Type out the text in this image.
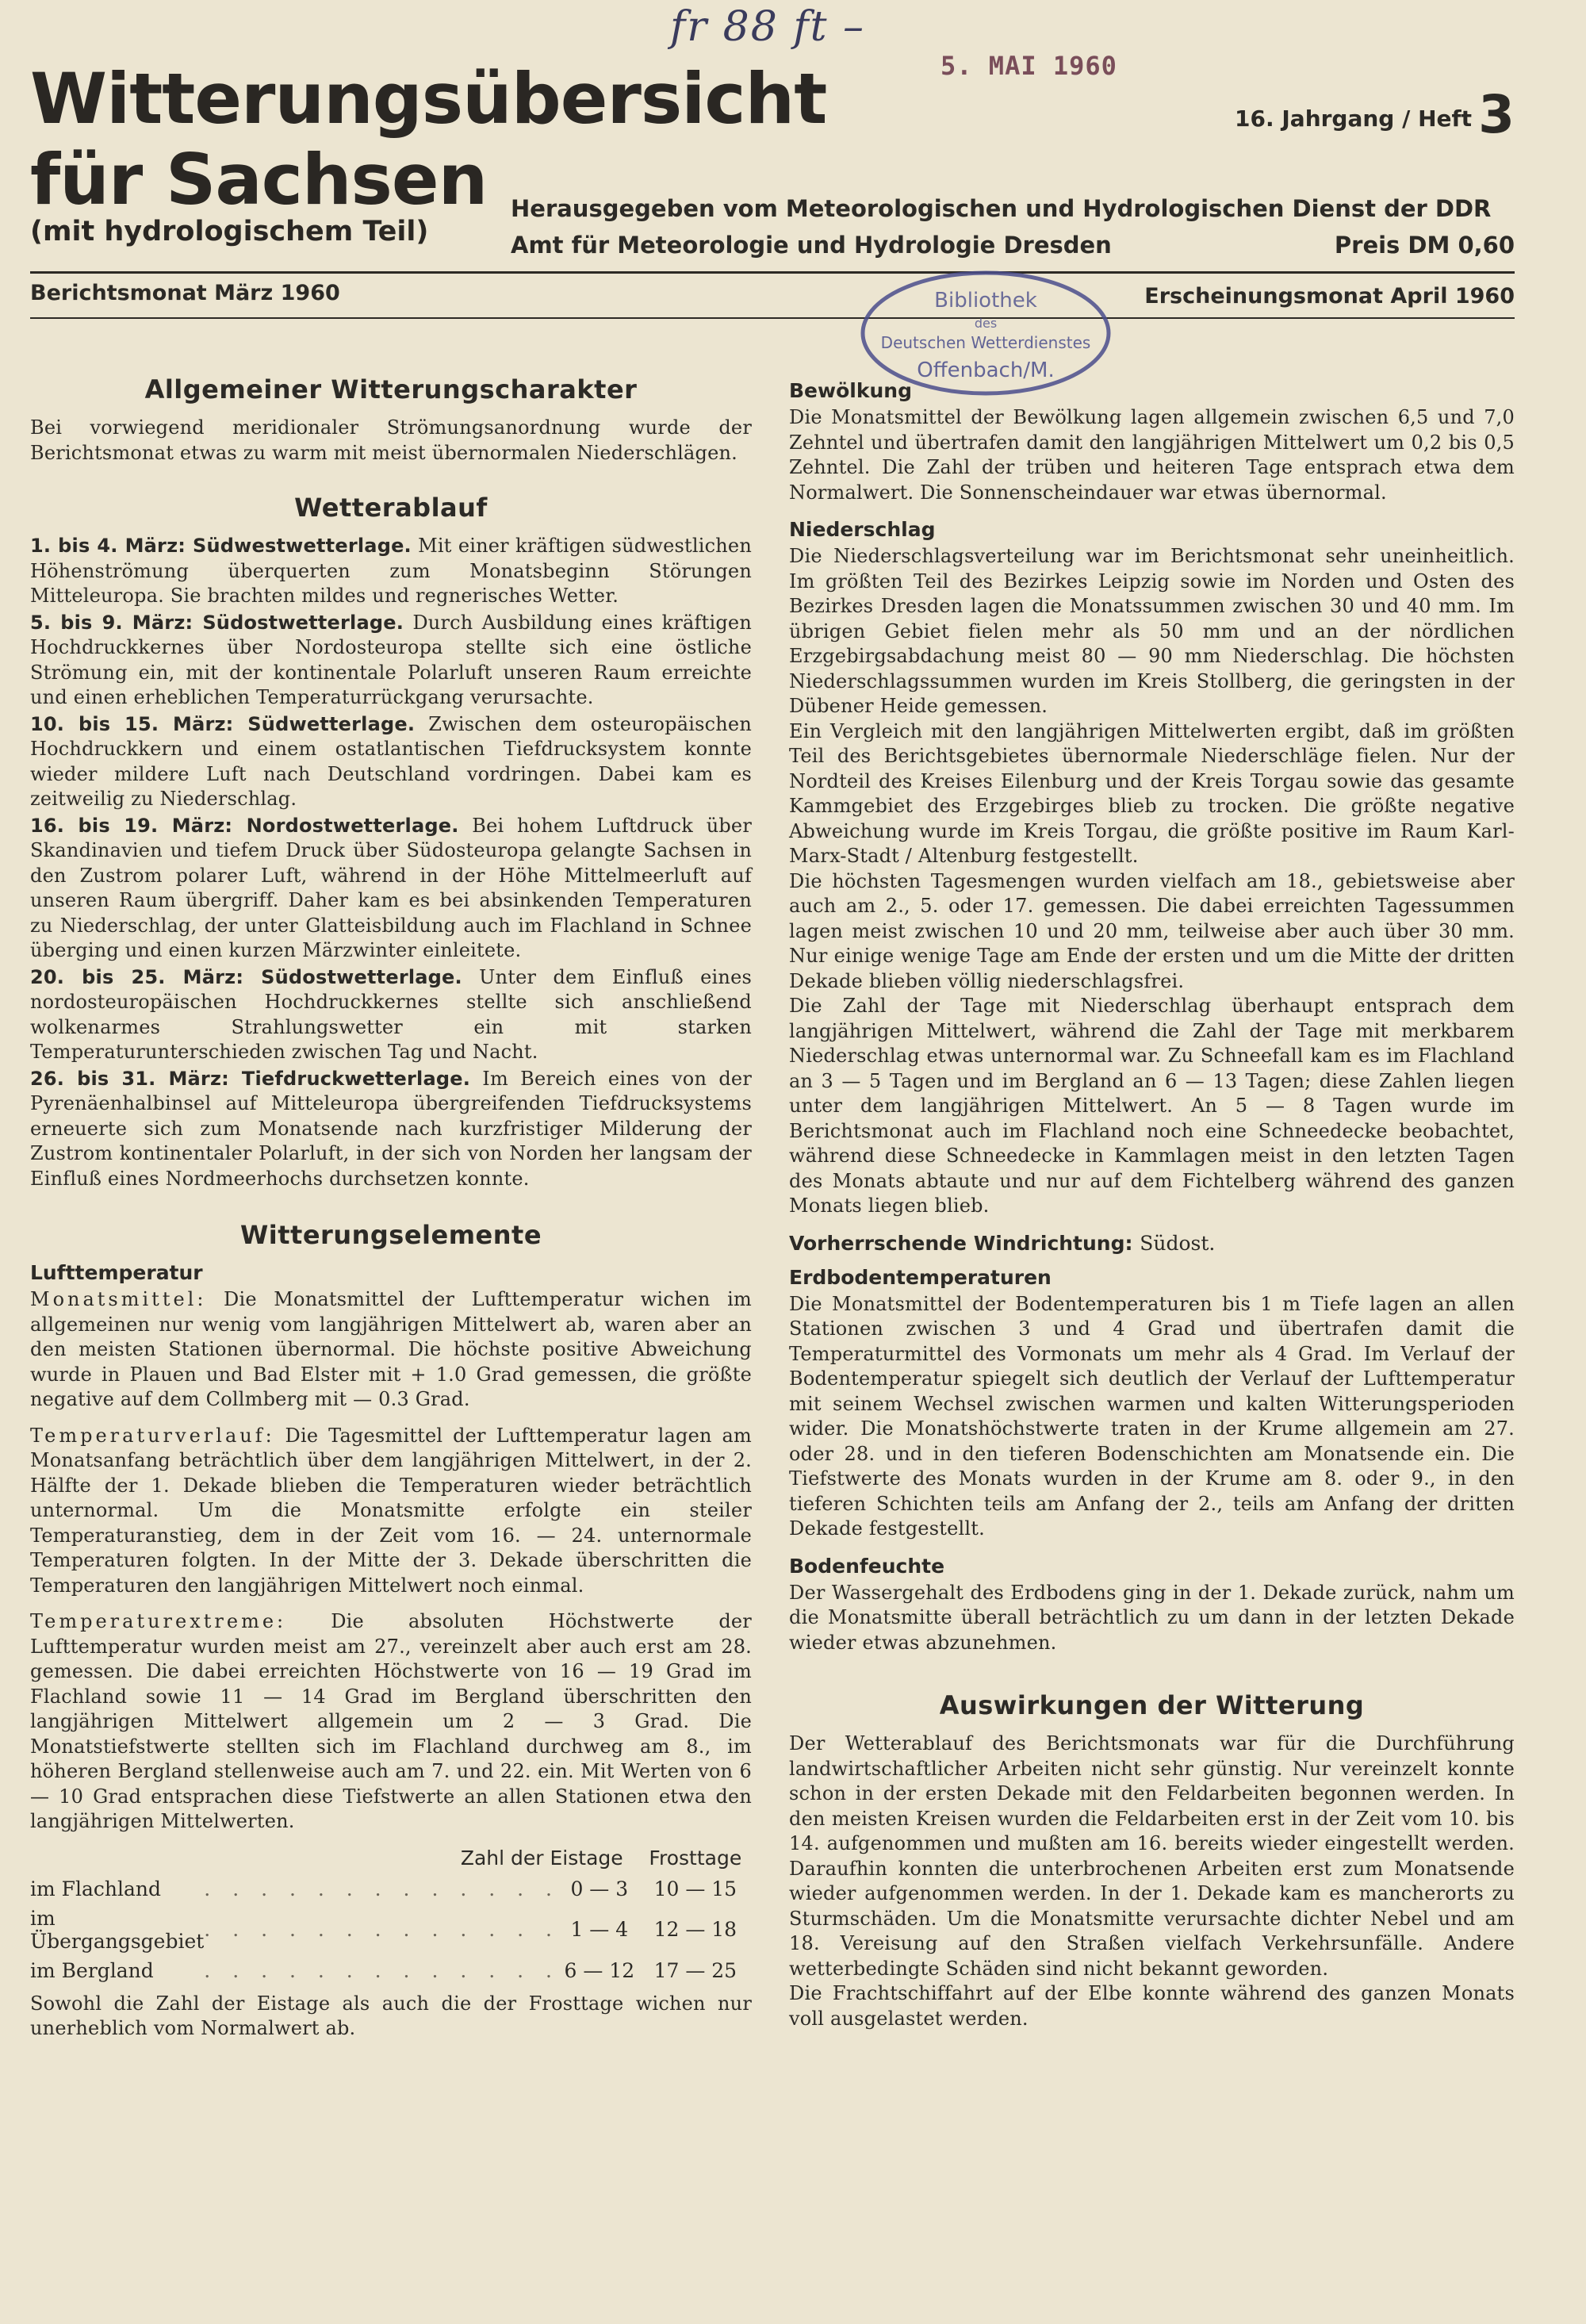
fr 88 ft –
5. MAI 1960
Witterungsübersicht
für Sachsen
(mit hydrologischem Teil)
16. Jahrgang / Heft 3
Herausgegeben vom Meteorologischen und Hydrologischen Dienst der DDR
Amt für Meteorologie und Hydrologie Dresden	Preis DM 0,60
Berichtsmonat März 1960	Erscheinungsmonat April 1960
Bibliothek
des
Deutschen Wetterdienstes
Offenbach/M.
Allgemeiner Witterungscharakter

Bei vorwiegend meridionaler Strömungsanordnung wurde der Berichtsmonat etwas zu warm mit meist übernormalen Niederschlägen.

Wetterablauf

1. bis 4. März: Südwestwetterlage. Mit einer kräftigen südwestlichen Höhenströmung überquerten zum Monatsbeginn Störungen Mitteleuropa. Sie brachten mildes und regnerisches Wetter.

5. bis 9. März: Südostwetterlage. Durch Ausbildung eines kräftigen Hochdruckkernes über Nordosteuropa stellte sich eine östliche Strömung ein, mit der kontinentale Polarluft unseren Raum erreichte und einen erheblichen Temperaturrückgang verursachte.

10. bis 15. März: Südwetterlage. Zwischen dem osteuropäischen Hochdruckkern und einem ostatlantischen Tiefdrucksystem konnte wieder mildere Luft nach Deutschland vordringen. Dabei kam es zeitweilig zu Niederschlag.

16. bis 19. März: Nordostwetterlage. Bei hohem Luftdruck über Skandinavien und tiefem Druck über Südosteuropa gelangte Sachsen in den Zustrom polarer Luft, während in der Höhe Mittelmeerluft auf unseren Raum übergriff. Daher kam es bei absinkenden Temperaturen zu Niederschlag, der unter Glatteisbildung auch im Flachland in Schnee überging und einen kurzen Märzwinter einleitete.

20. bis 25. März: Südostwetterlage. Unter dem Einfluß eines nordosteuropäischen Hochdruckkernes stellte sich anschließend wolkenarmes Strahlungswetter ein mit starken Temperaturunterschieden zwischen Tag und Nacht.

26. bis 31. März: Tiefdruckwetterlage. Im Bereich eines von der Pyrenäenhalbinsel auf Mitteleuropa übergreifenden Tiefdrucksystems erneuerte sich zum Monatsende nach kurzfristiger Milderung der Zustrom kontinentaler Polarluft, in der sich von Norden her langsam der Einfluß eines Nordmeerhochs durchsetzen konnte.

Witterungselemente
Lufttemperatur

Monatsmittel: Die Monatsmittel der Lufttemperatur wichen im allgemeinen nur wenig vom langjährigen Mittelwert ab, waren aber an den meisten Stationen übernormal. Die höchste positive Abweichung wurde in Plauen und Bad Elster mit + 1.0 Grad gemessen, die größte negative auf dem Collmberg mit — 0.3 Grad.

Temperaturverlauf: Die Tagesmittel der Lufttemperatur lagen am Monatsanfang beträchtlich über dem langjährigen Mittelwert, in der 2. Hälfte der 1. Dekade blieben die Temperaturen wieder beträchtlich unternormal. Um die Monatsmitte erfolgte ein steiler Temperaturanstieg, dem in der Zeit vom 16. — 24. unternormale Temperaturen folgten. In der Mitte der 3. Dekade überschritten die Temperaturen den langjährigen Mittelwert noch einmal.

Temperaturextreme: Die absoluten Höchstwerte der Lufttemperatur wurden meist am 27., vereinzelt aber auch erst am 28. gemessen. Die dabei erreichten Höchstwerte von 16 — 19 Grad im Flachland sowie 11 — 14 Grad im Bergland überschritten den langjährigen Mittelwert allgemein um 2 — 3 Grad. Die Monatstiefstwerte stellten sich im Flachland durchweg am 8., im höheren Bergland stellenweise auch am 7. und 22. ein. Mit Werten von 6 — 10 Grad entsprachen diese Tiefstwerte an allen Stationen etwa den langjährigen Mittelwerten.

	Zahl der Eistage		Frosttage
im Flachland	. . . . . . . . . . . . .	0 — 3	10 — 15
im Übergangsgebiet	. . . . . . . . . . . . .	1 — 4	12 — 18
im Bergland	. . . . . . . . . . . . .	6 — 12	17 — 25

Sowohl die Zahl der Eistage als auch die der Frosttage wichen nur unerheblich vom Normalwert ab.

Bewölkung

Die Monatsmittel der Bewölkung lagen allgemein zwischen 6,5 und 7,0 Zehntel und übertrafen damit den langjährigen Mittelwert um 0,2 bis 0,5 Zehntel. Die Zahl der trüben und heiteren Tage entsprach etwa dem Normalwert. Die Sonnenscheindauer war etwas übernormal.

Niederschlag

Die Niederschlagsverteilung war im Berichtsmonat sehr uneinheitlich. Im größten Teil des Bezirkes Leipzig sowie im Norden und Osten des Bezirkes Dresden lagen die Monatssummen zwischen 30 und 40 mm. Im übrigen Gebiet fielen mehr als 50 mm und an der nördlichen Erzgebirgsabdachung meist 80 — 90 mm Niederschlag. Die höchsten Niederschlagssummen wurden im Kreis Stollberg, die geringsten in der Dübener Heide gemessen.

Ein Vergleich mit den langjährigen Mittelwerten ergibt, daß im größten Teil des Berichtsgebietes übernormale Niederschläge fielen. Nur der Nordteil des Kreises Eilenburg und der Kreis Torgau sowie das gesamte Kammgebiet des Erzgebirges blieb zu trocken. Die größte negative Abweichung wurde im Kreis Torgau, die größte positive im Raum Karl-Marx-Stadt / Altenburg festgestellt.

Die höchsten Tagesmengen wurden vielfach am 18., gebietsweise aber auch am 2., 5. oder 17. gemessen. Die dabei erreichten Tagessummen lagen meist zwischen 10 und 20 mm, teilweise aber auch über 30 mm. Nur einige wenige Tage am Ende der ersten und um die Mitte der dritten Dekade blieben völlig niederschlagsfrei.

Die Zahl der Tage mit Niederschlag überhaupt entsprach dem langjährigen Mittelwert, während die Zahl der Tage mit merkbarem Niederschlag etwas unternormal war. Zu Schneefall kam es im Flachland an 3 — 5 Tagen und im Bergland an 6 — 13 Tagen; diese Zahlen liegen unter dem langjährigen Mittelwert. An 5 — 8 Tagen wurde im Berichtsmonat auch im Flachland noch eine Schneedecke beobachtet, während diese Schneedecke in Kammlagen meist in den letzten Tagen des Monats abtaute und nur auf dem Fichtelberg während des ganzen Monats liegen blieb.

Vorherrschende Windrichtung: Südost.
Erdbodentemperaturen

Die Monatsmittel der Bodentemperaturen bis 1 m Tiefe lagen an allen Stationen zwischen 3 und 4 Grad und übertrafen damit die Temperaturmittel des Vormonats um mehr als 4 Grad. Im Verlauf der Bodentemperatur spiegelt sich deutlich der Verlauf der Lufttemperatur mit seinem Wechsel zwischen warmen und kalten Witterungsperioden wider. Die Monatshöchstwerte traten in der Krume allgemein am 27. oder 28. und in den tieferen Bodenschichten am Monatsende ein. Die Tiefstwerte des Monats wurden in der Krume am 8. oder 9., in den tieferen Schichten teils am Anfang der 2., teils am Anfang der dritten Dekade festgestellt.

Bodenfeuchte

Der Wassergehalt des Erdbodens ging in der 1. Dekade zurück, nahm um die Monatsmitte überall beträchtlich zu um dann in der letzten Dekade wieder etwas abzunehmen.

Auswirkungen der Witterung

Der Wetterablauf des Berichtsmonats war für die Durchführung landwirtschaftlicher Arbeiten nicht sehr günstig. Nur vereinzelt konnte schon in der ersten Dekade mit den Feldarbeiten begonnen werden. In den meisten Kreisen wurden die Feldarbeiten erst in der Zeit vom 10. bis 14. aufgenommen und mußten am 16. bereits wieder eingestellt werden. Daraufhin konnten die unterbrochenen Arbeiten erst zum Monatsende wieder aufgenommen werden. In der 1. Dekade kam es mancherorts zu Sturmschäden. Um die Monatsmitte verursachte dichter Nebel und am 18. Vereisung auf den Straßen vielfach Verkehrsunfälle. Andere wetterbedingte Schäden sind nicht bekannt geworden.

Die Frachtschiffahrt auf der Elbe konnte während des ganzen Monats voll ausgelastet werden.
